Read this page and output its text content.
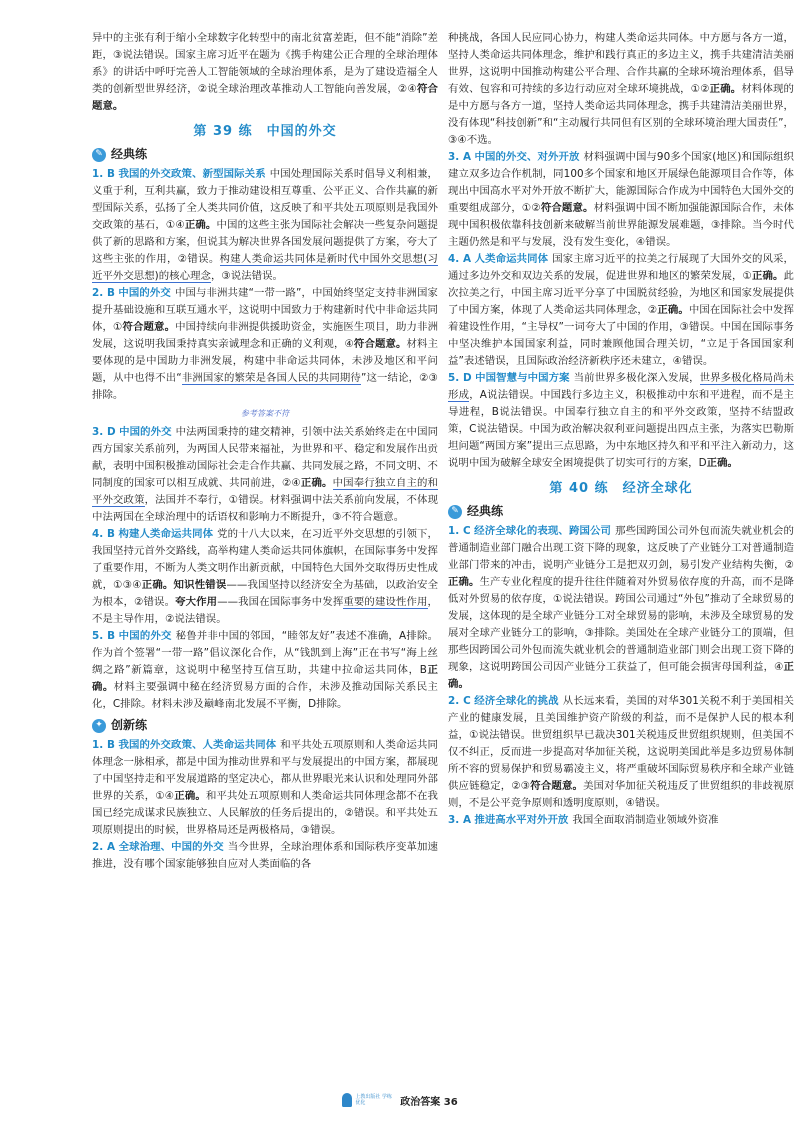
异中的主张有利于缩小全球数字化转型中的南北贫富差距，但不能“消除”差距，③说法错误。国家主席习近平在题为《携手构建公正合理的全球治理体系》的讲话中呼吁完善人工智能领域的全球治理体系，是为了建设造福全人类的创新型世界经济，②说全球治理改革推动人工智能向善发展，②④符合题意。

第 39 练　中国的外交
✎ 经典练

1. B 我国的外交政策、新型国际关系 中国处理国际关系时倡导义利相兼，义重于利，互利共赢，致力于推动建设相互尊重、公平正义、合作共赢的新型国际关系，弘扬了全人类共同价值，这反映了和平共处五项原则是我国外交政策的基石，①④正确。中国的这些主张为国际社会解决一些复杂问题提供了新的思路和方案，但说其为解决世界各国发展问题提供了方案，夸大了这些主张的作用，②错误。构建人类命运共同体是新时代中国外交思想(习近平外交思想)的核心理念，③说法错误。

2. B 中国的外交 中国与非洲共建“一带一路”，中国始终坚定支持非洲国家提升基础设施和互联互通水平，这说明中国致力于构建新时代中非命运共同体，①符合题意。中国持续向非洲提供援助资金，实施医生项目，助力非洲发展，这说明我国秉持真实亲诚理念和正确的义利观，④符合题意。材料主要体现的是中国助力非洲发展，构建中非命运共同体，未涉及地区和平问题，从中也得不出“非洲国家的繁荣是各国人民的共同期待”这一结论，②③排除。

参考答案不符

3. D 中国的外交 中法两国秉持的建交精神，引领中法关系始终走在中国同西方国家关系前列，为两国人民带来福祉，为世界和平、稳定和发展作出贡献，表明中国积极推动国际社会走合作共赢、共同发展之路，不同文明、不同制度的国家可以相互成就、共同前进，②④正确。中国奉行独立自主的和平外交政策，法国并不奉行，①错误。材料强调中法关系前向发展，不体现中法两国在全球治理中的话语权和影响力不断提升，③不符合题意。

4. B 构建人类命运共同体 党的十八大以来，在习近平外交思想的引领下，我国坚持元首外交路线，高举构建人类命运共同体旗帜，在国际事务中发挥了重要作用，不断为人类文明作出新贡献，中国特色大国外交取得历史性成就，①③④正确。知识性错误——我国坚持以经济安全为基础，以政治安全为根本，②错误。夸大作用——我国在国际事务中发挥重要的建设性作用，不是主导作用，②说法错误。

5. B 中国的外交 秘鲁并非中国的邻国，“睦邻友好”表述不准确，A排除。作为首个签署“一带一路”倡议深化合作，从“钱凯到上海”正在书写“海上丝绸之路”新篇章，这说明中秘坚持互信互助，共建中拉命运共同体，B正确。材料主要强调中秘在经济贸易方面的合作，未涉及推动国际关系民主化，C排除。材料未涉及巅峰南北发展不平衡，D排除。

✦ 创新练

1. B 我国的外交政策、人类命运共同体 和平共处五项原则和人类命运共同体理念一脉相承，都是中国为推动世界和平与发展提出的中国方案，都展现了中国坚持走和平发展道路的坚定决心，都从世界眼光来认识和处理同外部世界的关系，①④正确。和平共处五项原则和人类命运共同体理念都不在我国已经完成谋求民族独立、人民解放的任务后提出的，②错误。和平共处五项原则提出的时候，世界格局还是两极格局，③错误。

2. A 全球治理、中国的外交 当今世界，全球治理体系和国际秩序变革加速推进，没有哪个国家能够独自应对人类面临的各

种挑战，各国人民应同心协力，构建人类命运共同体。中方愿与各方一道，坚持人类命运共同体理念，维护和践行真正的多边主义，携手共建清洁美丽世界，这说明中国推动构建公平合理、合作共赢的全球环境治理体系，倡导有效、包容和可持续的多边行动应对全球环境挑战，①②正确。材料体现的是中方愿与各方一道，坚持人类命运共同体理念，携手共建清洁美丽世界，没有体现“科技创新”和“主动履行共同但有区别的全球环境治理大国责任”，③④不选。

3. A 中国的外交、对外开放 材料强调中国与90多个国家(地区)和国际组织建立双多边合作机制，同100多个国家和地区开展绿色能源项目合作等，体现出中国高水平对外开放不断扩大，能源国际合作成为中国特色大国外交的重要组成部分，①②符合题意。材料强调中国不断加强能源国际合作，未体现中国积极依靠科技创新来破解当前世界能源发展难题，③排除。当今时代主题仍然是和平与发展，没有发生变化，④错误。

4. A 人类命运共同体 国家主席习近平的拉美之行展现了大国外交的风采，通过多边外交和双边关系的发展，促进世界和地区的繁荣发展，①正确。此次拉美之行，中国主席习近平分享了中国脱贫经验，为地区和国家发展提供了中国方案，体现了人类命运共同体理念，②正确。中国在国际社会中发挥着建设性作用，“主导权”一词夸大了中国的作用，③错误。中国在国际事务中坚决维护本国国家利益，同时兼顾他国合理关切，“立足于各国国家利益”表述错误，且国际政治经济新秩序还未建立，④错误。

5. D 中国智慧与中国方案 当前世界多极化深入发展，世界多极化格局尚未形成，A说法错误。中国践行多边主义，积极推动中东和平进程，而不是主导进程，B说法错误。中国奉行独立自主的和平外交政策，坚持不结盟政策，C说法错误。中国为政治解决叙利亚问题提出四点主张，为落实巴勒斯坦问题“两国方案”提出三点思路，为中东地区持久和平和平注入新动力，这说明中国为破解全球安全困境提供了切实可行的方案，D正确。

第 40 练　经济全球化
✎ 经典练

1. C 经济全球化的表现、跨国公司 那些国跨国公司外包而流失就业机会的普通制造业部门融合出现工资下降的现象，这反映了产业链分工对普通制造业部门带来的冲击，说明产业链分工是把双刃剑，易引发产业结构失衡，②正确。生产专业化程度的提升往往伴随着对外贸易依存度的升高，而不是降低对外贸易的依存度，①说法错误。跨国公司通过“外包”推动了全球贸易的发展，这体现的是全球产业链分工对全球贸易的影响，未涉及全球贸易的发展对全球产业链分工的影响，③排除。美国处在全球产业链分工的顶端，但那些因跨国公司外包而流失就业机会的普通制造业部门则会出现工资下降的现象，这说明跨国公司因产业链分工获益了，但可能会损害母国利益，④正确。

2. C 经济全球化的挑战 从长远来看，美国的对华301关税不利于美国相关产业的健康发展，且美国维护资产阶级的利益，而不是保护人民的根本利益，①说法错误。世贸组织早已裁决301关税违反世贸组织规则，但美国不仅不纠正，反而进一步提高对华加征关税，这说明美国此举是多边贸易体制所不容的贸易保护和贸易霸凌主义，将严重破坏国际贸易秩序和全球产业链供应链稳定，②③符合题意。美国对华加征关税违反了世贸组织的非歧视原则，不是公平竞争原则和透明度原则，④错误。

3. A 推进高水平对外开放 我国全面取消制造业领域外资准

上教出版社 学练优化	政治答案 36
